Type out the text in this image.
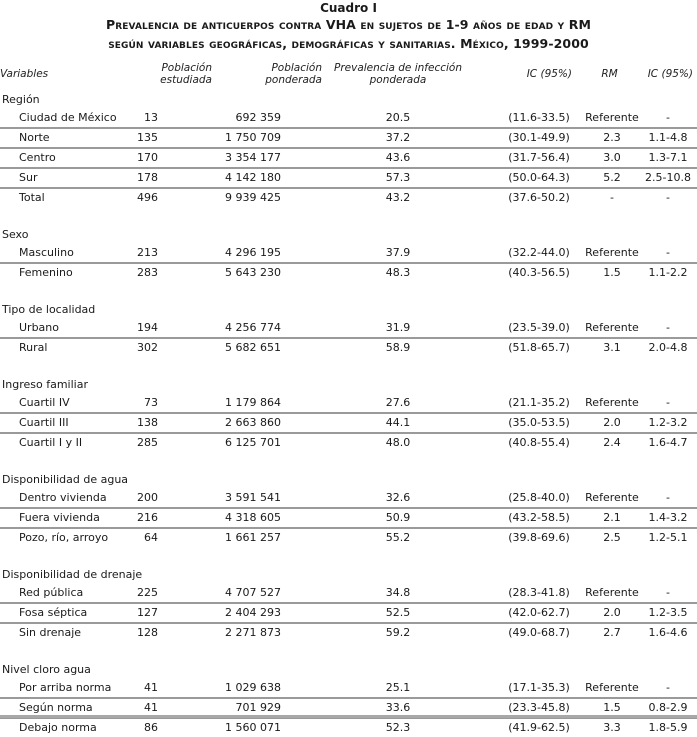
Cuadro I
Prevalencia de anticuerpos contra VHA en sujetos de 1-9 años de edad y RM
según variables geográficas, demográficas y sanitarias. México, 1999-2000
Variables	Población estudiada	Población ponderada	Prevalencia de infección ponderada	IC (95%)	RM	IC (95%)
Región						
Ciudad de México	13	692 359	20.5	(11.6-33.5)	Referente	-
Norte	135	1 750 709	37.2	(30.1-49.9)	2.3	1.1-4.8
Centro	170	3 354 177	43.6	(31.7-56.4)	3.0	1.3-7.1
Sur	178	4 142 180	57.3	(50.0-64.3)	5.2	2.5-10.8
Total	496	9 939 425	43.2	(37.6-50.2)	-	-

Sexo						
Masculino	213	4 296 195	37.9	(32.2-44.0)	Referente	-
Femenino	283	5 643 230	48.3	(40.3-56.5)	1.5	1.1-2.2

Tipo de localidad						
Urbano	194	4 256 774	31.9	(23.5-39.0)	Referente	-
Rural	302	5 682 651	58.9	(51.8-65.7)	3.1	2.0-4.8

Ingreso familiar						
Cuartil IV	73	1 179 864	27.6	(21.1-35.2)	Referente	-
Cuartil III	138	2 663 860	44.1	(35.0-53.5)	2.0	1.2-3.2
Cuartil I y II	285	6 125 701	48.0	(40.8-55.4)	2.4	1.6-4.7

Disponibilidad de agua						
Dentro vivienda	200	3 591 541	32.6	(25.8-40.0)	Referente	-
Fuera vivienda	216	4 318 605	50.9	(43.2-58.5)	2.1	1.4-3.2
Pozo, río, arroyo	64	1 661 257	55.2	(39.8-69.6)	2.5	1.2-5.1

Disponibilidad de drenaje						
Red pública	225	4 707 527	34.8	(28.3-41.8)	Referente	-
Fosa séptica	127	2 404 293	52.5	(42.0-62.7)	2.0	1.2-3.5
Sin drenaje	128	2 271 873	59.2	(49.0-68.7)	2.7	1.6-4.6

Nivel cloro agua						
Por arriba norma	41	1 029 638	25.1	(17.1-35.3)	Referente	-
Según norma	41	701 929	33.6	(23.3-45.8)	1.5	0.8-2.9
Debajo norma	86	1 560 071	52.3	(41.9-62.5)	3.3	1.8-5.9
